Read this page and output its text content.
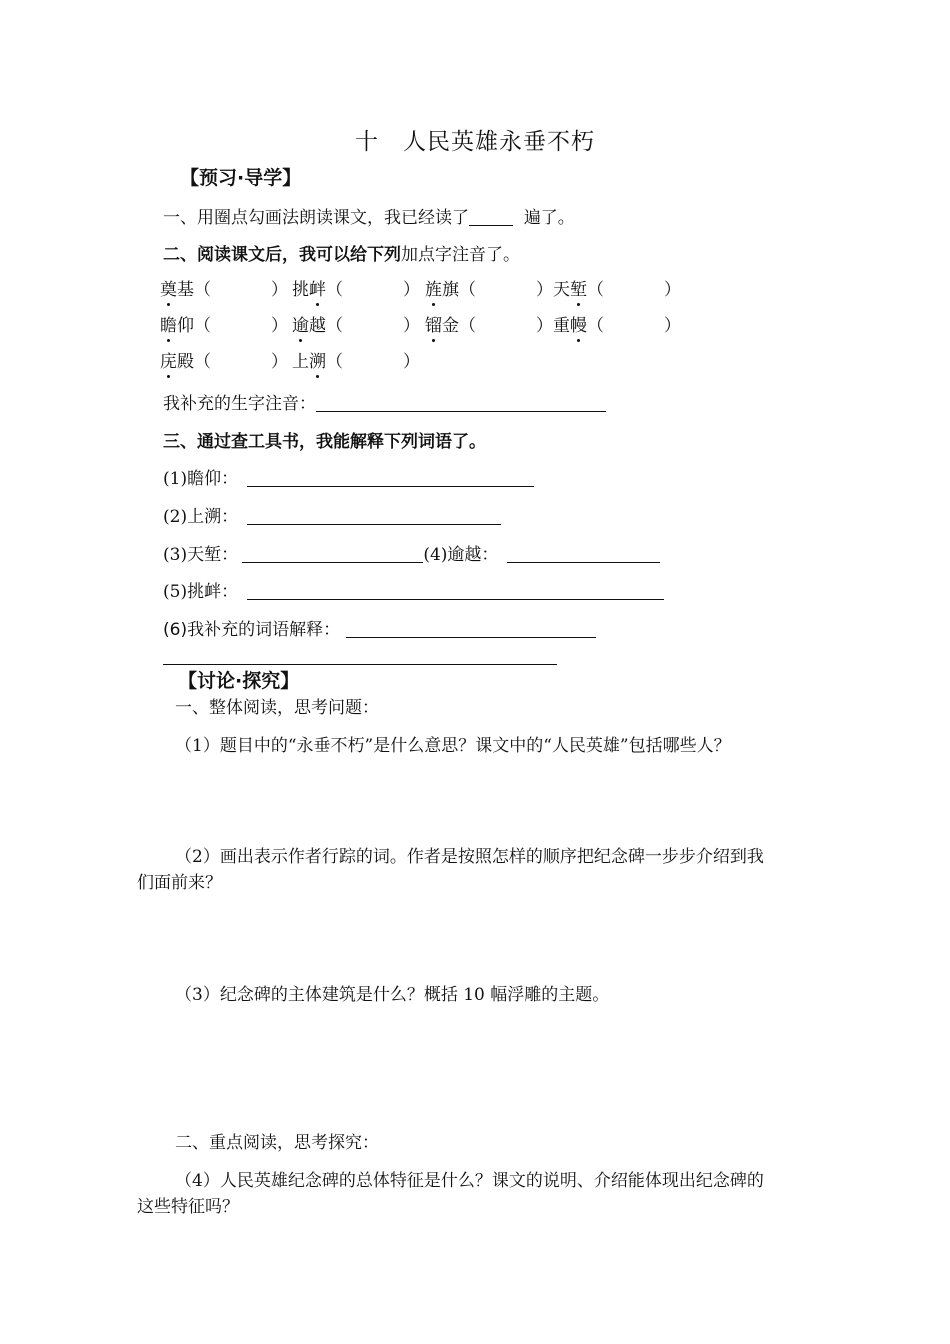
十　人民英雄永垂不朽
【预习·导学】
一、用圈点勾画法朗读课文，我已经读了	遍了。
二、阅读课文后，我可以给下列加点字注音了。
奠基（	） 挑衅（	） 旌旗（	） 天堑（	）
瞻仰（	） 逾越（	） 镏金（	） 重幔（	）
庑殿（	） 上溯（	）
我补充的生字注音：
三、通过查工具书，我能解释下列词语了。
(1)瞻仰：
(2)上溯：
(3)天堑：	(4)逾越：
(5)挑衅：
(6)我补充的词语解释：
【讨论·探究】
一、整体阅读，思考问题：
（1）题目中的“永垂不朽”是什么意思？课文中的“人民英雄”包括哪些人？
（2）画出表示作者行踪的词。作者是按照怎样的顺序把纪念碑一步步介绍到我
们面前来？
（3）纪念碑的主体建筑是什么？概括 10 幅浮雕的主题。
二、重点阅读，思考探究：
（4）人民英雄纪念碑的总体特征是什么？课文的说明、介绍能体现出纪念碑的
这些特征吗？
